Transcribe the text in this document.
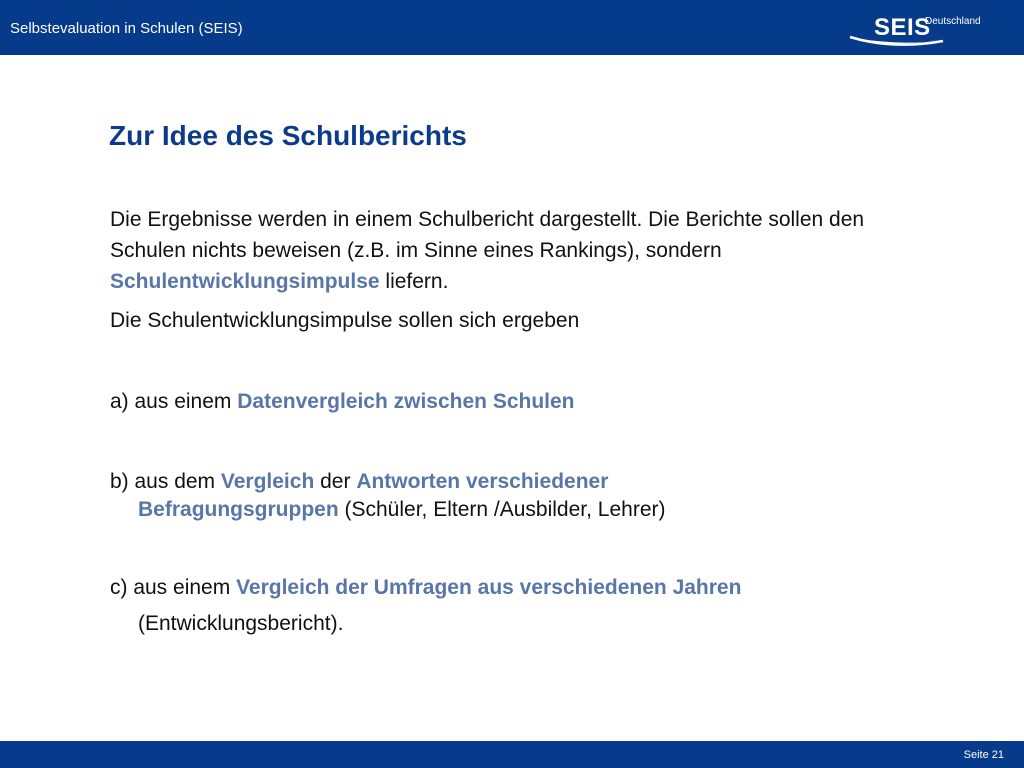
Selbstevaluation in Schulen (SEIS)	SEIS
Deutschland
Zur Idee des Schulberichts
Die Ergebnisse werden in einem Schulbericht dargestellt. Die Berichte sollen den Schulen nichts beweisen (z.B. im Sinne eines Rankings), sondern Schulentwicklungsimpulse liefern.
Die Schulentwicklungsimpulse sollen sich ergeben
a) aus einem Datenvergleich zwischen Schulen
b) aus dem Vergleich der Antworten verschiedener
Befragungsgruppen (Schüler, Eltern /Ausbilder, Lehrer)
c) aus einem Vergleich der Umfragen aus verschiedenen Jahren
(Entwicklungsbericht).
Seite 21
